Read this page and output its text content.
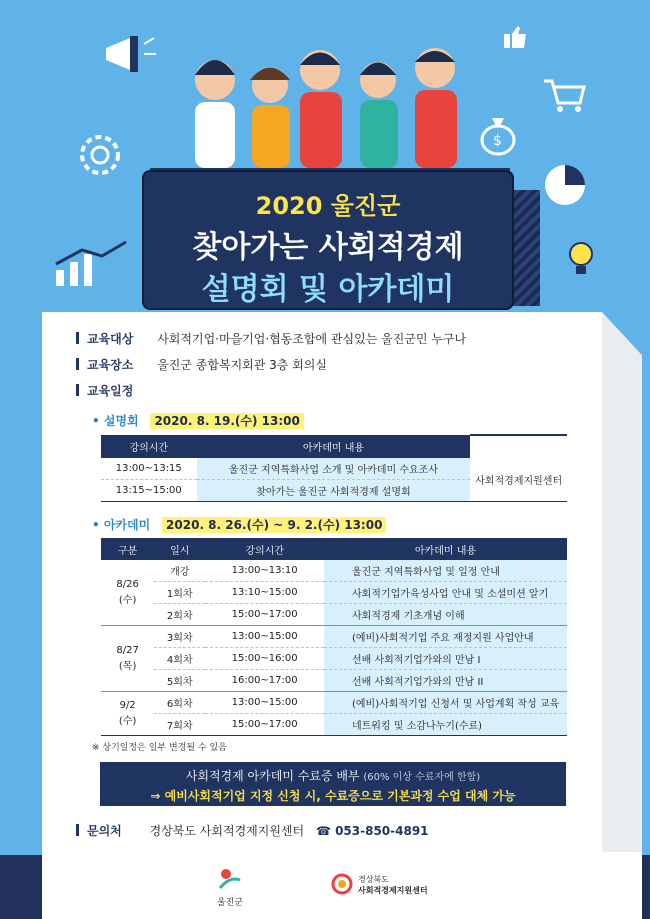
$
2020 울진군
찾아가는 사회적경제
설명회 및 아카데미
교육대상 사회적기업·마을기업·협동조합에 관심있는 울진군민 누구나
교육장소 울진군 종합복지회관 3층 회의실
교육일정
• 설명회 2020. 8. 19.(수) 13:00
강의시간	아카데미 내용	
13:00~13:15	울진군 지역특화사업 소개 및 아카데미 수요조사	사회적경제지원센터
13:15~15:00	찾아가는 울진군 사회적경제 설명회	
• 아카데미 2020. 8. 26.(수) ~ 9. 2.(수) 13:00
구분	일시	강의시간	아카데미 내용
8/26
(수)	개강	13:00~13:10	울진군 지역특화사업 및 일정 안내
	1회차	13:10~15:00	사회적기업가육성사업 안내 및 소셜미션 알기
	2회차	15:00~17:00	사회적경제 기초개념 이해
8/27
(목)	3회차	13:00~15:00	(예비)사회적기업 주요 재정지원 사업안내
	4회차	15:00~16:00	선배 사회적기업가와의 만남 I
	5회차	16:00~17:00	선배 사회적기업가와의 만남 II
9/2
(수)	6회차	13:00~15:00	(예비)사회적기업 신청서 및 사업계획 작성 교육
	7회차	15:00~17:00	네트워킹 및 소감나누기(수료)
※ 상기일정은 일부 변경될 수 있음
사회적경제 아카데미 수료증 배부 (60% 이상 수료자에 한함)
⇒ 예비사회적기업 지정 신청 시, 수료증으로 기본과정 수업 대체 가능
문의처 경상북도 사회적경제지원센터 ☎ 053-850-4891
울진군
경상북도
사회적경제지원센터
